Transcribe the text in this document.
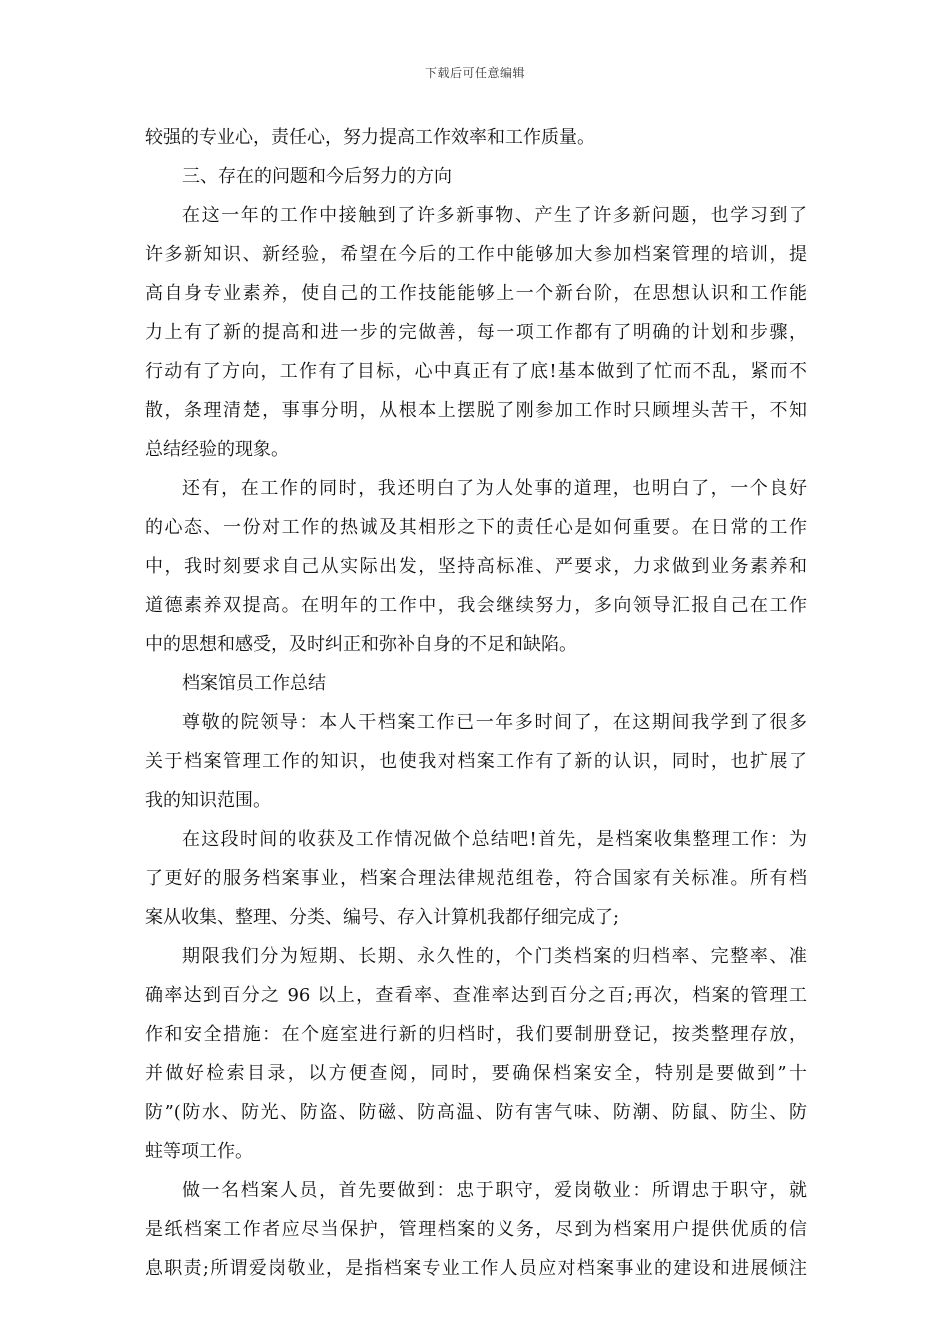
下载后可任意编辑
较强的专业心，责任心，努力提高工作效率和工作质量。
三、存在的问题和今后努力的方向
在这一年的工作中接触到了许多新事物、产生了许多新问题，也学习到了
许多新知识、新经验，希望在今后的工作中能够加大参加档案管理的培训，提
高自身专业素养，使自己的工作技能能够上一个新台阶，在思想认识和工作能
力上有了新的提高和进一步的完做善，每一项工作都有了明确的计划和步骤，
行动有了方向，工作有了目标，心中真正有了底!基本做到了忙而不乱，紧而不
散，条理清楚，事事分明，从根本上摆脱了刚参加工作时只顾埋头苦干，不知
总结经验的现象。
还有，在工作的同时，我还明白了为人处事的道理，也明白了，一个良好
的心态、一份对工作的热诚及其相形之下的责任心是如何重要。在日常的工作
中，我时刻要求自己从实际出发，坚持高标准、严要求，力求做到业务素养和
道德素养双提高。在明年的工作中，我会继续努力，多向领导汇报自己在工作
中的思想和感受，及时纠正和弥补自身的不足和缺陷。
档案馆员工作总结
尊敬的院领导：本人干档案工作已一年多时间了，在这期间我学到了很多
关于档案管理工作的知识，也使我对档案工作有了新的认识，同时，也扩展了
我的知识范围。
在这段时间的收获及工作情况做个总结吧!首先，是档案收集整理工作：为
了更好的服务档案事业，档案合理法律规范组卷，符合国家有关标准。所有档
案从收集、整理、分类、编号、存入计算机我都仔细完成了;
期限我们分为短期、长期、永久性的，个门类档案的归档率、完整率、准
确率达到百分之 96 以上，查看率、查准率达到百分之百;再次，档案的管理工
作和安全措施：在个庭室进行新的归档时，我们要制册登记，按类整理存放，
并做好检索目录，以方便查阅，同时，要确保档案安全，特别是要做到”十
防”(防水、防光、防盗、防磁、防高温、防有害气味、防潮、防鼠、防尘、防
蛀等项工作。
做一名档案人员，首先要做到：忠于职守，爱岗敬业：所谓忠于职守，就
是纸档案工作者应尽当保护，管理档案的义务，尽到为档案用户提供优质的信
息职责;所谓爱岗敬业，是指档案专业工作人员应对档案事业的建设和进展倾注
